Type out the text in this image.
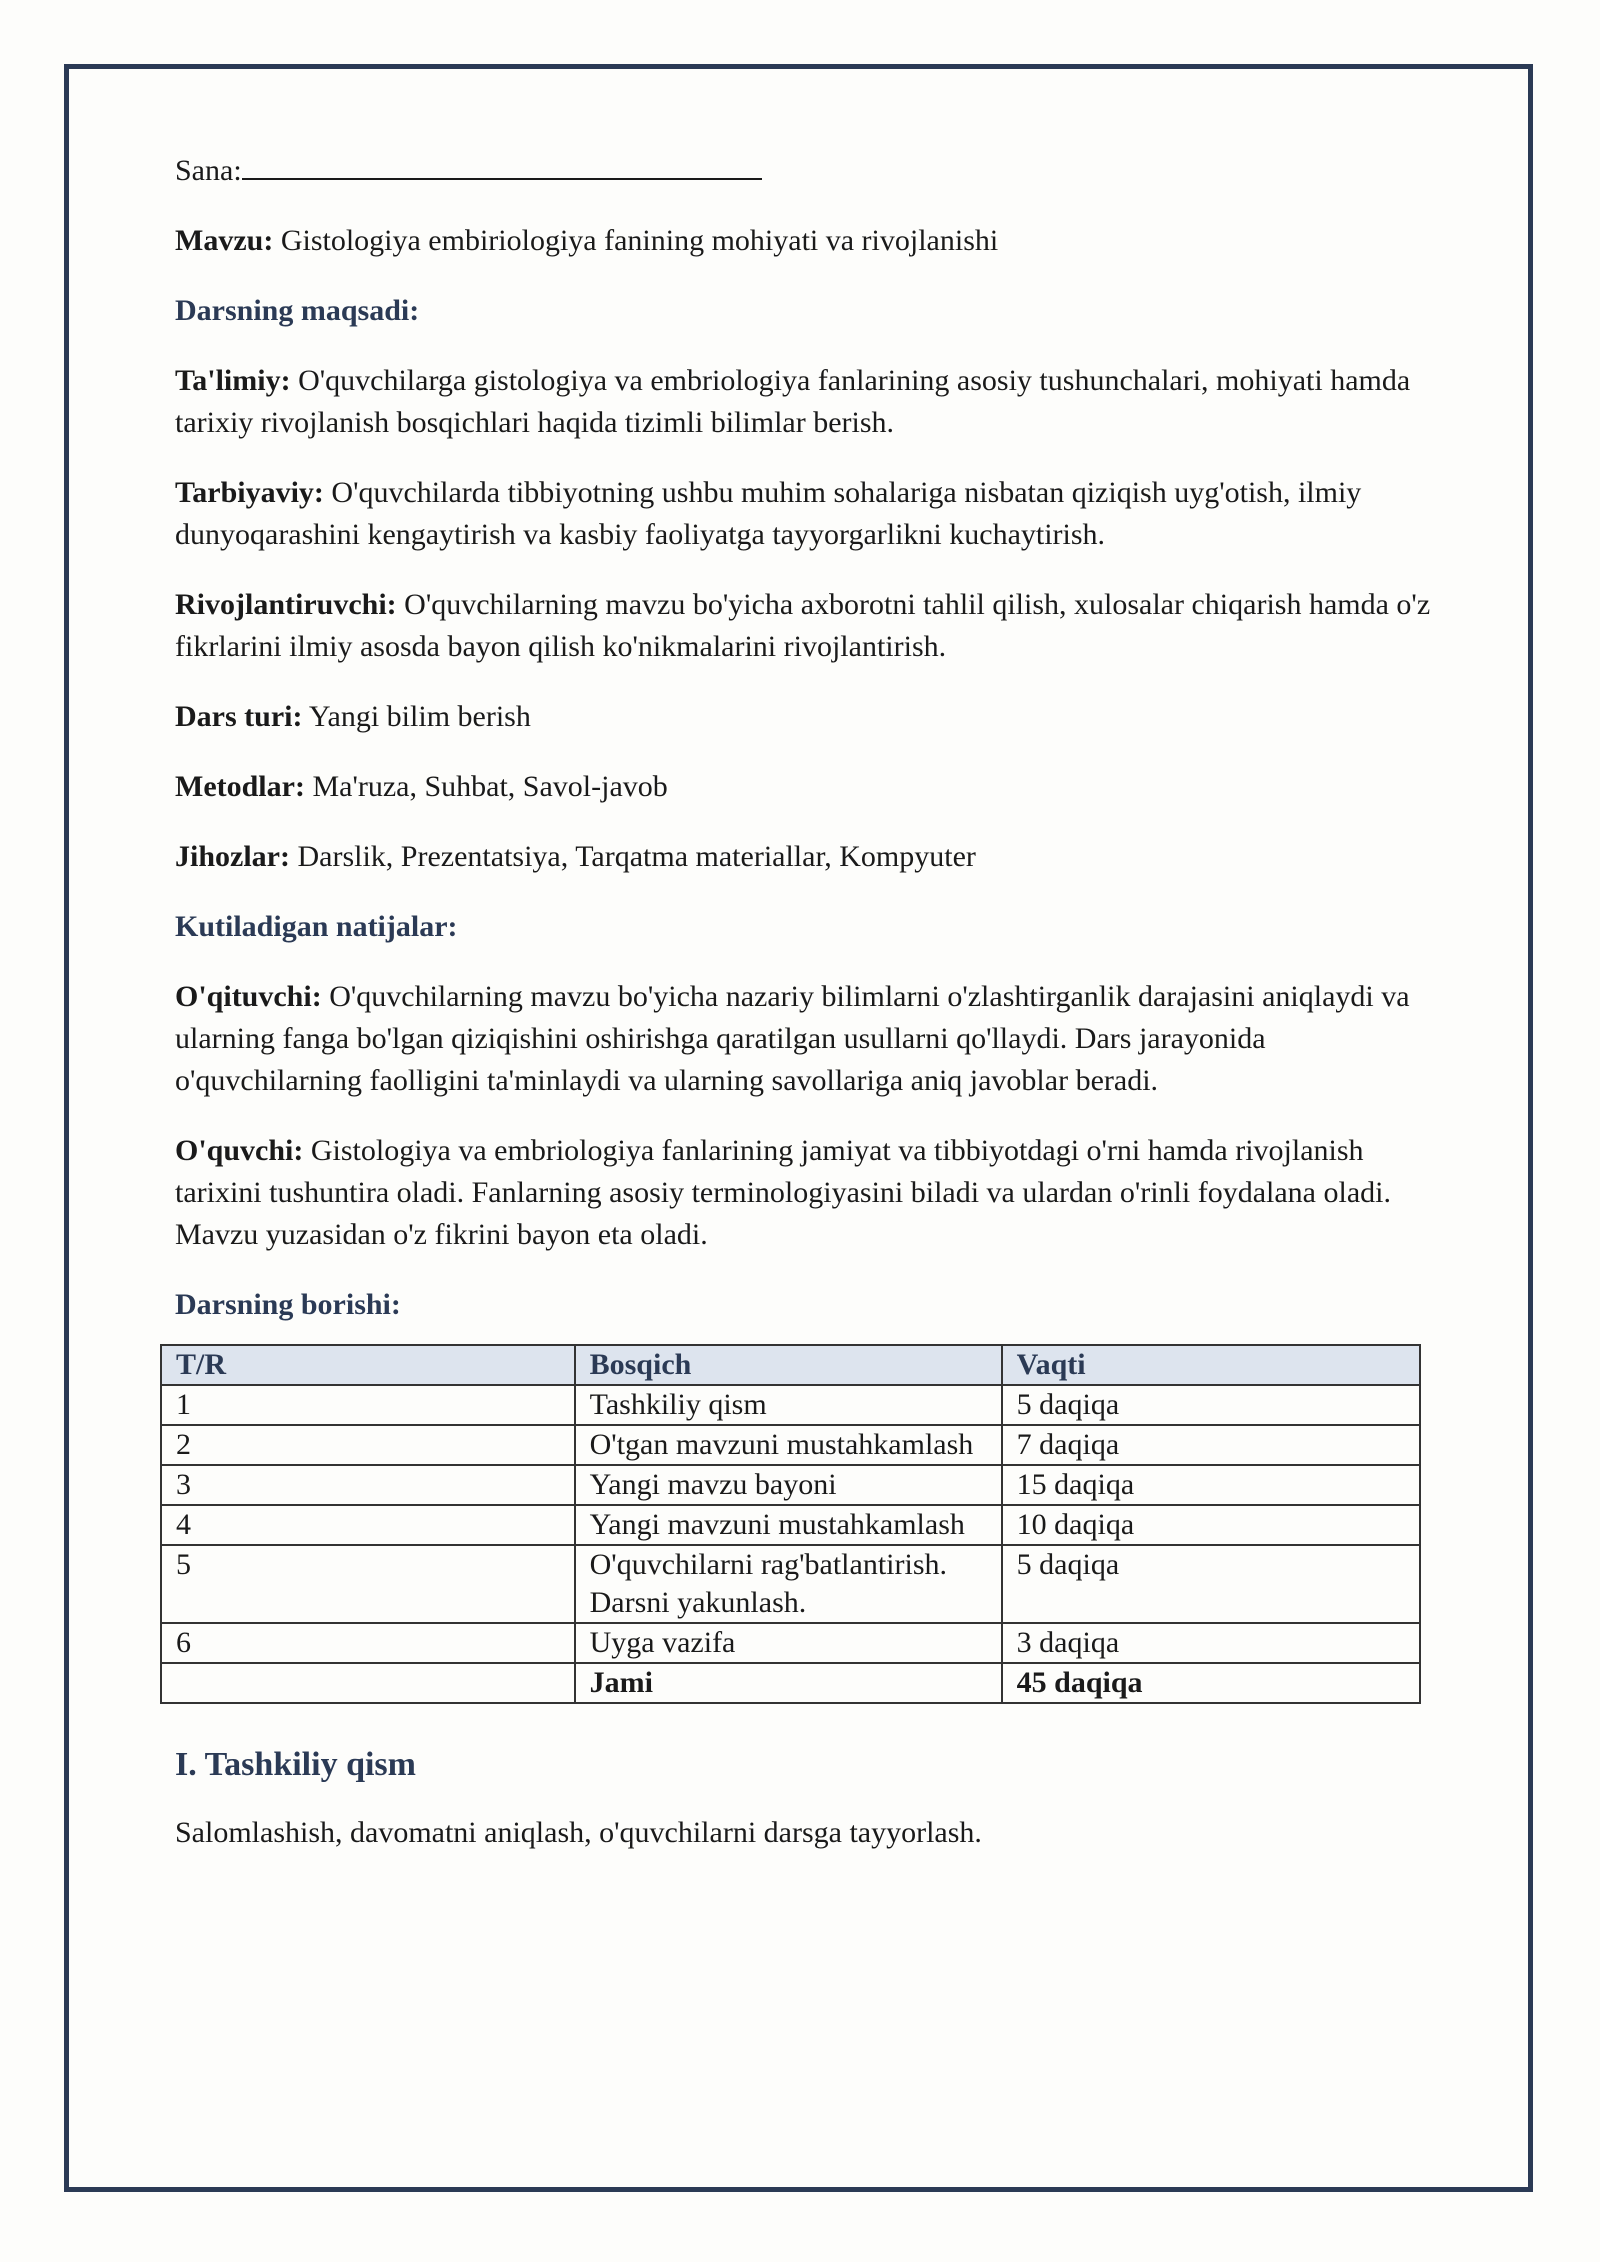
Sana:

Mavzu: Gistologiya embiriologiya fanining mohiyati va rivojlanishi

Darsning maqsadi:

Ta'limiy: O'quvchilarga gistologiya va embriologiya fanlarining asosiy tushunchalari, mohiyati hamda tarixiy rivojlanish bosqichlari haqida tizimli bilimlar berish.

Tarbiyaviy: O'quvchilarda tibbiyotning ushbu muhim sohalariga nisbatan qiziqish uyg'otish, ilmiy dunyoqarashini kengaytirish va kasbiy faoliyatga tayyorgarlikni kuchaytirish.

Rivojlantiruvchi: O'quvchilarning mavzu bo'yicha axborotni tahlil qilish, xulosalar chiqarish hamda o'z fikrlarini ilmiy asosda bayon qilish ko'nikmalarini rivojlantirish.

Dars turi: Yangi bilim berish

Metodlar: Ma'ruza, Suhbat, Savol-javob

Jihozlar: Darslik, Prezentatsiya, Tarqatma materiallar, Kompyuter

Kutiladigan natijalar:

O'qituvchi: O'quvchilarning mavzu bo'yicha nazariy bilimlarni o'zlashtirganlik darajasini aniqlaydi va ularning fanga bo'lgan qiziqishini oshirishga qaratilgan usullarni qo'llaydi. Dars jarayonida o'quvchilarning faolligini ta'minlaydi va ularning savollariga aniq javoblar beradi.

O'quvchi: Gistologiya va embriologiya fanlarining jamiyat va tibbiyotdagi o'rni hamda rivojlanish tarixini tushuntira oladi. Fanlarning asosiy terminologiyasini biladi va ulardan o'rinli foydalana oladi. Mavzu yuzasidan o'z fikrini bayon eta oladi.

Darsning borishi:

T/R	Bosqich	Vaqti
1	Tashkiliy qism	5 daqiqa
2	O'tgan mavzuni mustahkamlash	7 daqiqa
3	Yangi mavzu bayoni	15 daqiqa
4	Yangi mavzuni mustahkamlash	10 daqiqa
5	O'quvchilarni rag'batlantirish. Darsni yakunlash.	5 daqiqa
6	Uyga vazifa	3 daqiqa
	Jami	45 daqiqa

I. Tashkiliy qism

Salomlashish, davomatni aniqlash, o'quvchilarni darsga tayyorlash.
